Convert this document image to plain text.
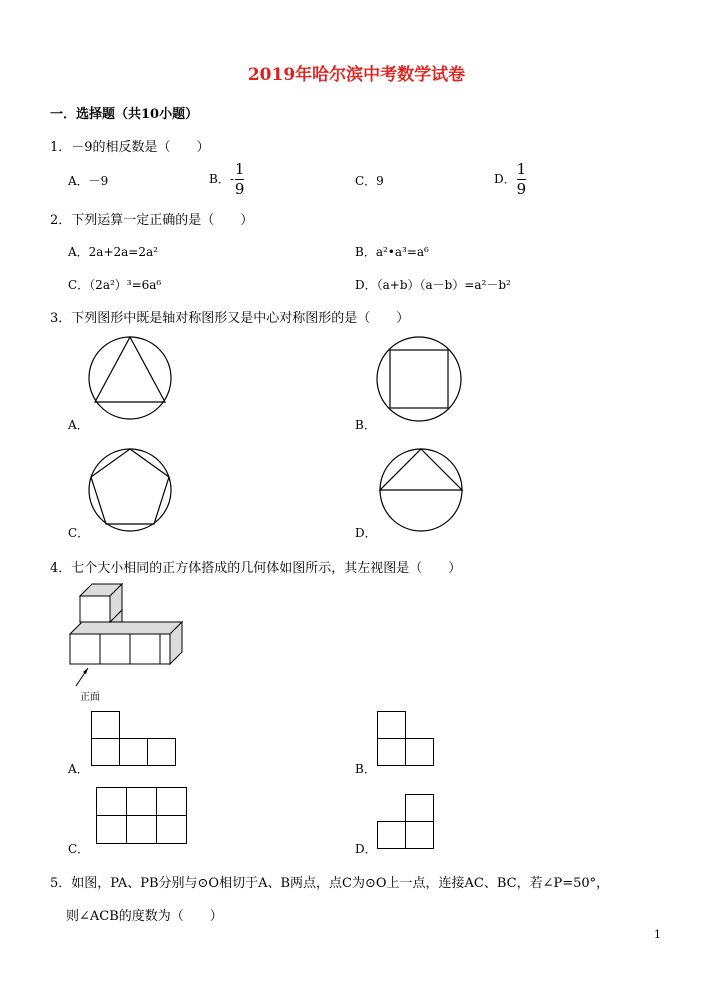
2019年哈尔滨中考数学试卷
一．选择题（共10小题）
1．－9的相反数是（　　）
A．－9	B．- $\frac{1}{9}$	C．9	D． $\frac{1}{9}$
2．下列运算一定正确的是（　　）
A．2a+2a=2a²	B．a²•a³=a⁶
C．（2a²）³=6a⁶	D．（a+b）（a－b）=a²－b²
3．下列图形中既是轴对称图形又是中心对称图形的是（　　）
A．	B．
C．	D．
4．七个大小相同的正方体搭成的几何体如图所示，其左视图是（　　）
正面
A．	B．
C．	D．
5．如图，PA、PB分别与⊙O相切于A、B两点，点C为⊙O上一点，连接AC、BC，若∠P=50°，
则∠ACB的度数为（　　）
1
